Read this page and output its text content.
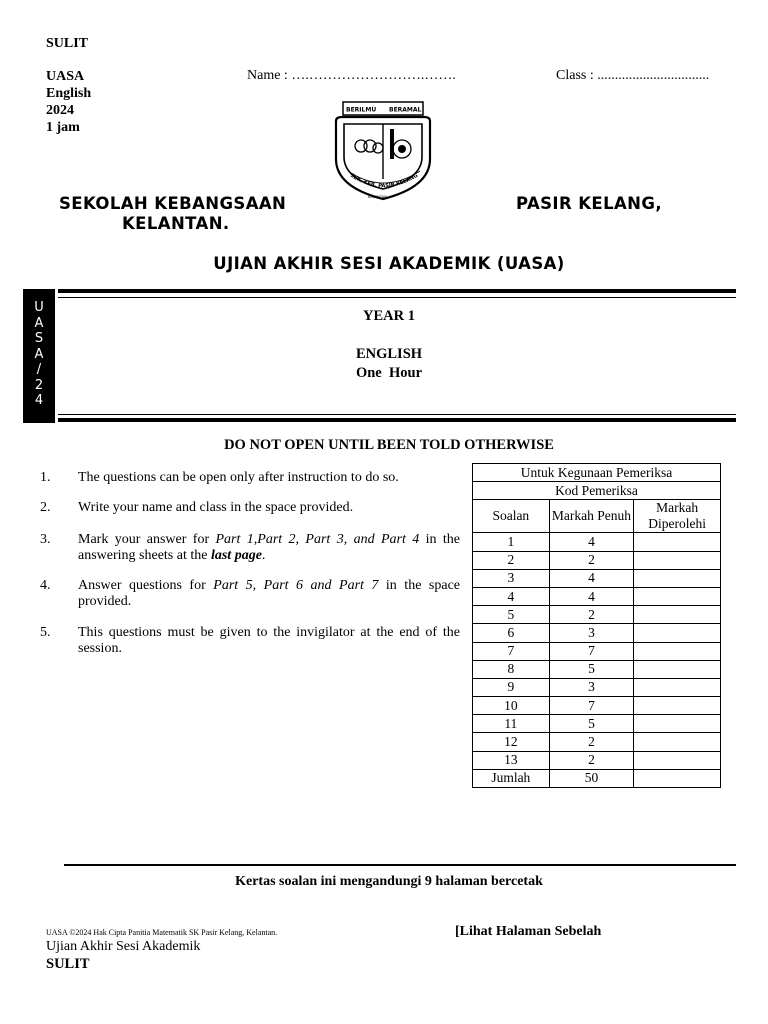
SULIT
UASA
English
2024
1 jam
Name : ….…………………….…….	Class : ................................
BERILMU BERAMAL
SEK. KEB. PASIR KELANG
KELANTAN
SEKOLAH KEBANGSAAN	PASIR KELANG,
KELANTAN.
UJIAN AKHIR SESI AKADEMIK (UASA)
U
A
S
A
/
2
4
YEAR 1
ENGLISH
One  Hour
DO NOT OPEN UNTIL BEEN TOLD OTHERWISE
1. The questions can be open only after instruction to do so.
2. Write your name and class in the space provided.
3. Mark your answer for Part 1,Part 2, Part 3, and Part 4 in the answering sheets at the last page.
4. Answer questions for Part 5, Part 6 and Part 7 in the space provided.
5. This questions must be given to the invigilator at the end of the session.
Untuk Kegunaan Pemeriksa		
Kod Pemeriksa		
Soalan	Markah Penuh	Markah Diperolehi
1	4	
2	2	
3	4	
4	4	
5	2	
6	3	
7	7	
8	5	
9	3	
10	7	
11	5	
12	2	
13	2	
Jumlah	50	
Kertas soalan ini mengandungi 9 halaman bercetak
UASA ©2024 Hak Cipta Panitia Matematik SK Pasir Kelang, Kelantan.	[Lihat Halaman Sebelah
Ujian Akhir Sesi Akademik
SULIT
